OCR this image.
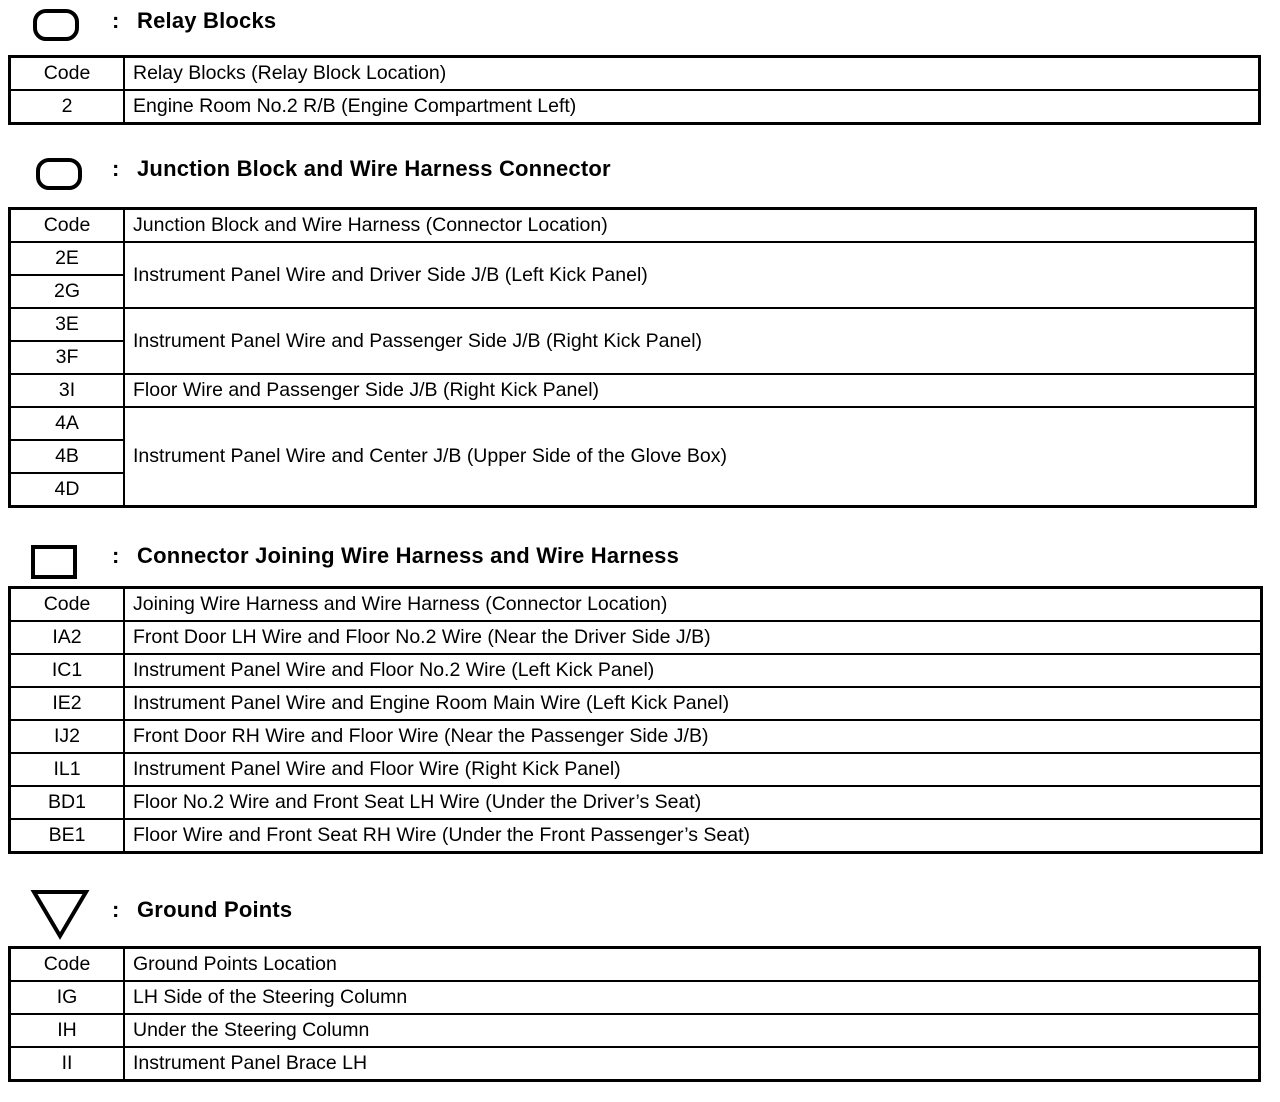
: Relay Blocks
Code	Relay Blocks (Relay Block Location)
2	Engine Room No.2 R/B (Engine Compartment Left)
: Junction Block and Wire Harness Connector
Code	Junction Block and Wire Harness (Connector Location)
2E	Instrument Panel Wire and Driver Side J/B (Left Kick Panel)
2G	
3E	Instrument Panel Wire and Passenger Side J/B (Right Kick Panel)
3F	
3I	Floor Wire and Passenger Side J/B (Right Kick Panel)
4A	Instrument Panel Wire and Center J/B (Upper Side of the Glove Box)
4B	
4D	
: Connector Joining Wire Harness and Wire Harness
Code	Joining Wire Harness and Wire Harness (Connector Location)
IA2	Front Door LH Wire and Floor No.2 Wire (Near the Driver Side J/B)
IC1	Instrument Panel Wire and Floor No.2 Wire (Left Kick Panel)
IE2	Instrument Panel Wire and Engine Room Main Wire (Left Kick Panel)
IJ2	Front Door RH Wire and Floor Wire (Near the Passenger Side J/B)
IL1	Instrument Panel Wire and Floor Wire (Right Kick Panel)
BD1	Floor No.2 Wire and Front Seat LH Wire (Under the Driver’s Seat)
BE1	Floor Wire and Front Seat RH Wire (Under the Front Passenger’s Seat)
: Ground Points
Code	Ground Points Location
IG	LH Side of the Steering Column
IH	Under the Steering Column
II	Instrument Panel Brace LH
